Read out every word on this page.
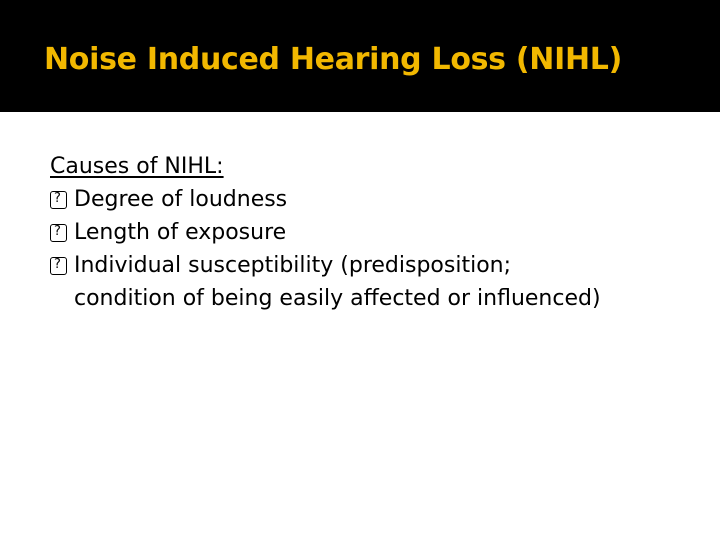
Noise Induced Hearing Loss (NIHL)
Causes of NIHL:
?
Degree of loudness
?
Length of exposure
?
Individual susceptibility (predisposition; condition of being easily affected or influenced)
